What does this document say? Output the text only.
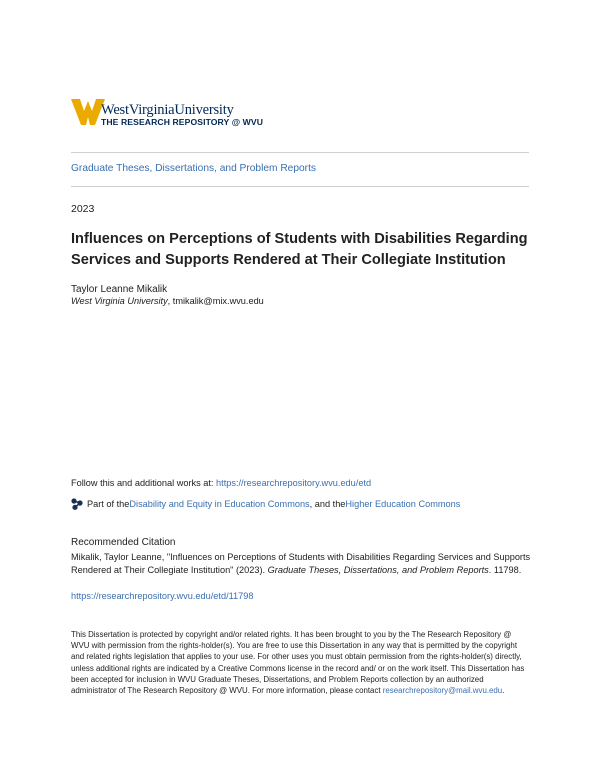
WestVirginiaUniversity
THE RESEARCH REPOSITORY @ WVU
Graduate Theses, Dissertations, and Problem Reports
2023
Influences on Perceptions of Students with Disabilities Regarding Services and Supports Rendered at Their Collegiate Institution
Taylor Leanne Mikalik
West Virginia University, tmikalik@mix.wvu.edu
Follow this and additional works at: https://researchrepository.wvu.edu/etd
Part of the Disability and Equity in Education Commons , and the Higher Education Commons
Recommended Citation
Mikalik, Taylor Leanne, "Influences on Perceptions of Students with Disabilities Regarding Services and Supports Rendered at Their Collegiate Institution" (2023). Graduate Theses, Dissertations, and Problem Reports. 11798.
https://researchrepository.wvu.edu/etd/11798
This Dissertation is protected by copyright and/or related rights. It has been brought to you by the The Research Repository @ WVU with permission from the rights-holder(s). You are free to use this Dissertation in any way that is permitted by the copyright and related rights legislation that applies to your use. For other uses you must obtain permission from the rights-holder(s) directly, unless additional rights are indicated by a Creative Commons license in the record and/ or on the work itself. This Dissertation has been accepted for inclusion in WVU Graduate Theses, Dissertations, and Problem Reports collection by an authorized administrator of The Research Repository @ WVU. For more information, please contact researchrepository@mail.wvu.edu.
